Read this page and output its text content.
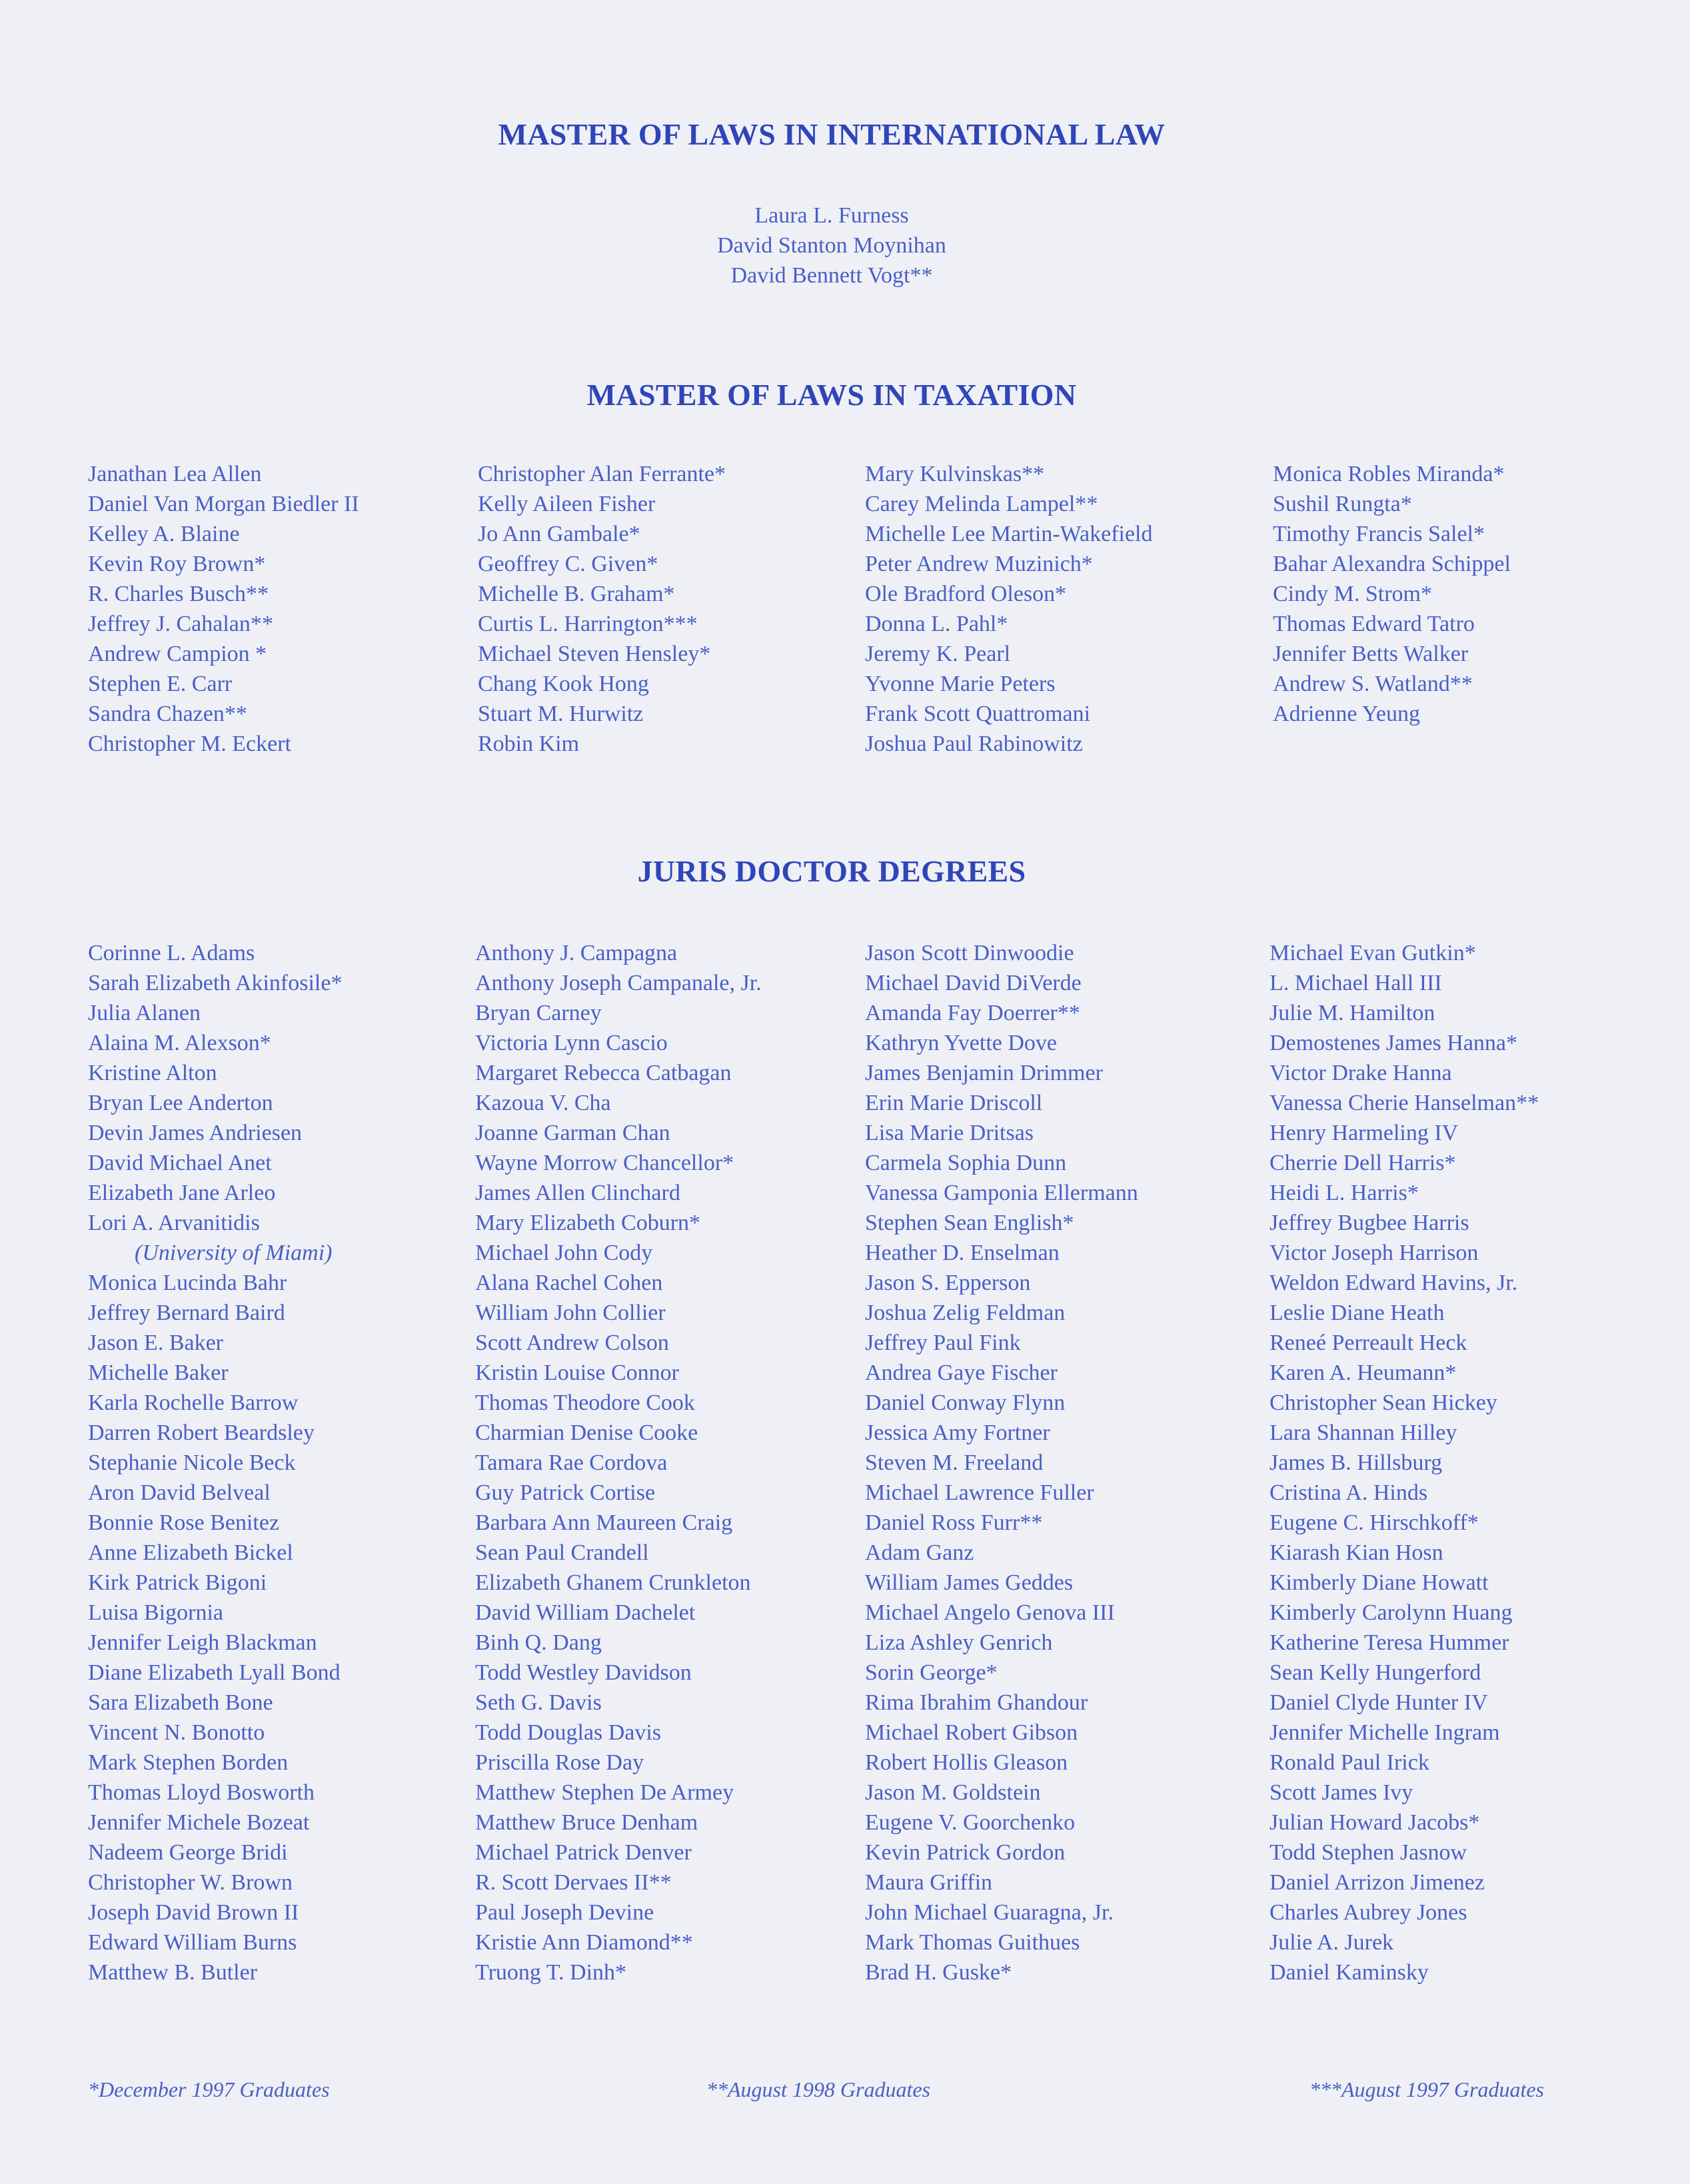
MASTER OF LAWS IN INTERNATIONAL LAW
Laura L. Furness
David Stanton Moynihan
David Bennett Vogt**
MASTER OF LAWS IN TAXATION
Janathan Lea Allen
Daniel Van Morgan Biedler II
Kelley A. Blaine
Kevin Roy Brown*
R. Charles Busch**
Jeffrey J. Cahalan**
Andrew Campion *
Stephen E. Carr
Sandra Chazen**
Christopher M. Eckert
Christopher Alan Ferrante*
Kelly Aileen Fisher
Jo Ann Gambale*
Geoffrey C. Given*
Michelle B. Graham*
Curtis L. Harrington***
Michael Steven Hensley*
Chang Kook Hong
Stuart M. Hurwitz
Robin Kim
Mary Kulvinskas**
Carey Melinda Lampel**
Michelle Lee Martin-Wakefield
Peter Andrew Muzinich*
Ole Bradford Oleson*
Donna L. Pahl*
Jeremy K. Pearl
Yvonne Marie Peters
Frank Scott Quattromani
Joshua Paul Rabinowitz
Monica Robles Miranda*
Sushil Rungta*
Timothy Francis Salel*
Bahar Alexandra Schippel
Cindy M. Strom*
Thomas Edward Tatro
Jennifer Betts Walker
Andrew S. Watland**
Adrienne Yeung
JURIS DOCTOR DEGREES
Corinne L. Adams
Sarah Elizabeth Akinfosile*
Julia Alanen
Alaina M. Alexson*
Kristine Alton
Bryan Lee Anderton
Devin James Andriesen
David Michael Anet
Elizabeth Jane Arleo
Lori A. Arvanitidis
(University of Miami)
Monica Lucinda Bahr
Jeffrey Bernard Baird
Jason E. Baker
Michelle Baker
Karla Rochelle Barrow
Darren Robert Beardsley
Stephanie Nicole Beck
Aron David Belveal
Bonnie Rose Benitez
Anne Elizabeth Bickel
Kirk Patrick Bigoni
Luisa Bigornia
Jennifer Leigh Blackman
Diane Elizabeth Lyall Bond
Sara Elizabeth Bone
Vincent N. Bonotto
Mark Stephen Borden
Thomas Lloyd Bosworth
Jennifer Michele Bozeat
Nadeem George Bridi
Christopher W. Brown
Joseph David Brown II
Edward William Burns
Matthew B. Butler
Anthony J. Campagna
Anthony Joseph Campanale, Jr.
Bryan Carney
Victoria Lynn Cascio
Margaret Rebecca Catbagan
Kazoua V. Cha
Joanne Garman Chan
Wayne Morrow Chancellor*
James Allen Clinchard
Mary Elizabeth Coburn*
Michael John Cody
Alana Rachel Cohen
William John Collier
Scott Andrew Colson
Kristin Louise Connor
Thomas Theodore Cook
Charmian Denise Cooke
Tamara Rae Cordova
Guy Patrick Cortise
Barbara Ann Maureen Craig
Sean Paul Crandell
Elizabeth Ghanem Crunkleton
David William Dachelet
Binh Q. Dang
Todd Westley Davidson
Seth G. Davis
Todd Douglas Davis
Priscilla Rose Day
Matthew Stephen De Armey
Matthew Bruce Denham
Michael Patrick Denver
R. Scott Dervaes II**
Paul Joseph Devine
Kristie Ann Diamond**
Truong T. Dinh*
Jason Scott Dinwoodie
Michael David DiVerde
Amanda Fay Doerrer**
Kathryn Yvette Dove
James Benjamin Drimmer
Erin Marie Driscoll
Lisa Marie Dritsas
Carmela Sophia Dunn
Vanessa Gamponia Ellermann
Stephen Sean English*
Heather D. Enselman
Jason S. Epperson
Joshua Zelig Feldman
Jeffrey Paul Fink
Andrea Gaye Fischer
Daniel Conway Flynn
Jessica Amy Fortner
Steven M. Freeland
Michael Lawrence Fuller
Daniel Ross Furr**
Adam Ganz
William James Geddes
Michael Angelo Genova III
Liza Ashley Genrich
Sorin George*
Rima Ibrahim Ghandour
Michael Robert Gibson
Robert Hollis Gleason
Jason M. Goldstein
Eugene V. Goorchenko
Kevin Patrick Gordon
Maura Griffin
John Michael Guaragna, Jr.
Mark Thomas Guithues
Brad H. Guske*
Michael Evan Gutkin*
L. Michael Hall III
Julie M. Hamilton
Demostenes James Hanna*
Victor Drake Hanna
Vanessa Cherie Hanselman**
Henry Harmeling IV
Cherrie Dell Harris*
Heidi L. Harris*
Jeffrey Bugbee Harris
Victor Joseph Harrison
Weldon Edward Havins, Jr.
Leslie Diane Heath
Reneé Perreault Heck
Karen A. Heumann*
Christopher Sean Hickey
Lara Shannan Hilley
James B. Hillsburg
Cristina A. Hinds
Eugene C. Hirschkoff*
Kiarash Kian Hosn
Kimberly Diane Howatt
Kimberly Carolynn Huang
Katherine Teresa Hummer
Sean Kelly Hungerford
Daniel Clyde Hunter IV
Jennifer Michelle Ingram
Ronald Paul Irick
Scott James Ivy
Julian Howard Jacobs*
Todd Stephen Jasnow
Daniel Arrizon Jimenez
Charles Aubrey Jones
Julie A. Jurek
Daniel Kaminsky
*December 1997 Graduates	**August 1998 Graduates	***August 1997 Graduates
